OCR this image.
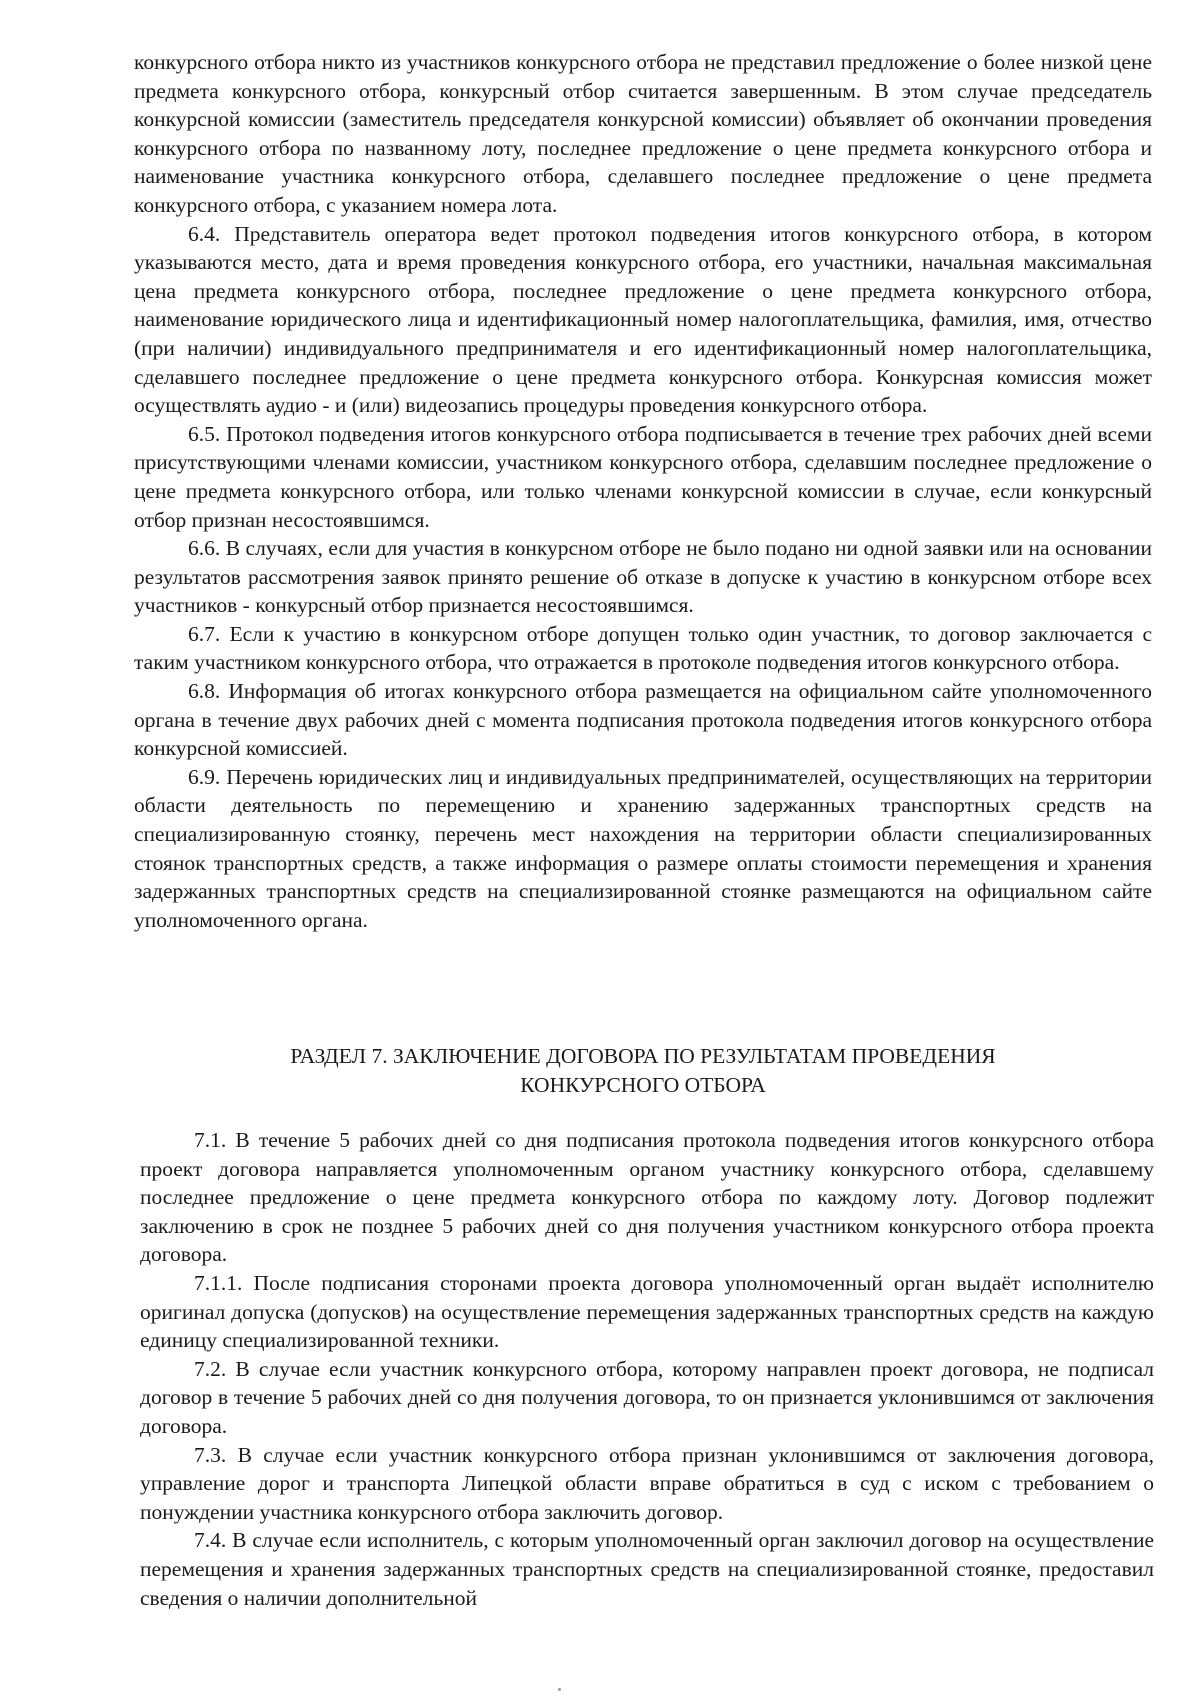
конкурсного отбора никто из участников конкурсного отбора не представил предложение о более низкой цене предмета конкурсного отбора, конкурсный отбор считается завершенным. В этом случае председатель конкурсной комиссии (заместитель председателя конкурсной комиссии) объявляет об окончании проведения конкурсного отбора по названному лоту, последнее предложение о цене предмета конкурсного отбора и наименование участника конкурсного отбора, сделавшего последнее предложение о цене предмета конкурсного отбора, с указанием номера лота.

6.4. Представитель оператора ведет протокол подведения итогов конкурсного отбора, в котором указываются место, дата и время проведения конкурсного отбора, его участники, начальная максимальная цена предмета конкурсного отбора, последнее предложение о цене предмета конкурсного отбора, наименование юридического лица и идентификационный номер налогоплательщика, фамилия, имя, отчество (при наличии) индивидуального предпринимателя и его идентификационный номер налогоплательщика, сделавшего последнее предложение о цене предмета конкурсного отбора. Конкурсная комиссия может осуществлять аудио - и (или) видеозапись процедуры проведения конкурсного отбора.

6.5. Протокол подведения итогов конкурсного отбора подписывается в течение трех рабочих дней всеми присутствующими членами комиссии, участником конкурсного отбора, сделавшим последнее предложение о цене предмета конкурсного отбора, или только членами конкурсной комиссии в случае, если конкурсный отбор признан несостоявшимся.

6.6. В случаях, если для участия в конкурсном отборе не было подано ни одной заявки или на основании результатов рассмотрения заявок принято решение об отказе в допуске к участию в конкурсном отборе всех участников - конкурсный отбор признается несостоявшимся.

6.7. Если к участию в конкурсном отборе допущен только один участник, то договор заключается с таким участником конкурсного отбора, что отражается в протоколе подведения итогов конкурсного отбора.

6.8. Информация об итогах конкурсного отбора размещается на официальном сайте уполномоченного органа в течение двух рабочих дней с момента подписания протокола подведения итогов конкурсного отбора конкурсной комиссией.

6.9. Перечень юридических лиц и индивидуальных предпринимателей, осуществляющих на территории области деятельность по перемещению и хранению задержанных транспортных средств на специализированную стоянку, перечень мест нахождения на территории области специализированных стоянок транспортных средств, а также информация о размере оплаты стоимости перемещения и хранения задержанных транспортных средств на специализированной стоянке размещаются на официальном сайте уполномоченного органа.

РАЗДЕЛ 7. ЗАКЛЮЧЕНИЕ ДОГОВОРА ПО РЕЗУЛЬТАТАМ ПРОВЕДЕНИЯ
КОНКУРСНОГО ОТБОРА

7.1. В течение 5 рабочих дней со дня подписания протокола подведения итогов конкурсного отбора проект договора направляется уполномоченным органом участнику конкурсного отбора, сделавшему последнее предложение о цене предмета конкурсного отбора по каждому лоту. Договор подлежит заключению в срок не позднее 5 рабочих дней со дня получения участником конкурсного отбора проекта договора.

7.1.1. После подписания сторонами проекта договора уполномоченный орган выдаёт исполнителю оригинал допуска (допусков) на осуществление перемещения задержанных транспортных средств на каждую единицу специализированной техники.

7.2. В случае если участник конкурсного отбора, которому направлен проект договора, не подписал договор в течение 5 рабочих дней со дня получения договора, то он признается уклонившимся от заключения договора.

7.3. В случае если участник конкурсного отбора признан уклонившимся от заключения договора, управление дорог и транспорта Липецкой области вправе обратиться в суд с иском с требованием о понуждении участника конкурсного отбора заключить договор.

7.4. В случае если исполнитель, с которым уполномоченный орган заключил договор на осуществление перемещения и хранения задержанных транспортных средств на специализированной стоянке, предоставил сведения о наличии дополнительной
